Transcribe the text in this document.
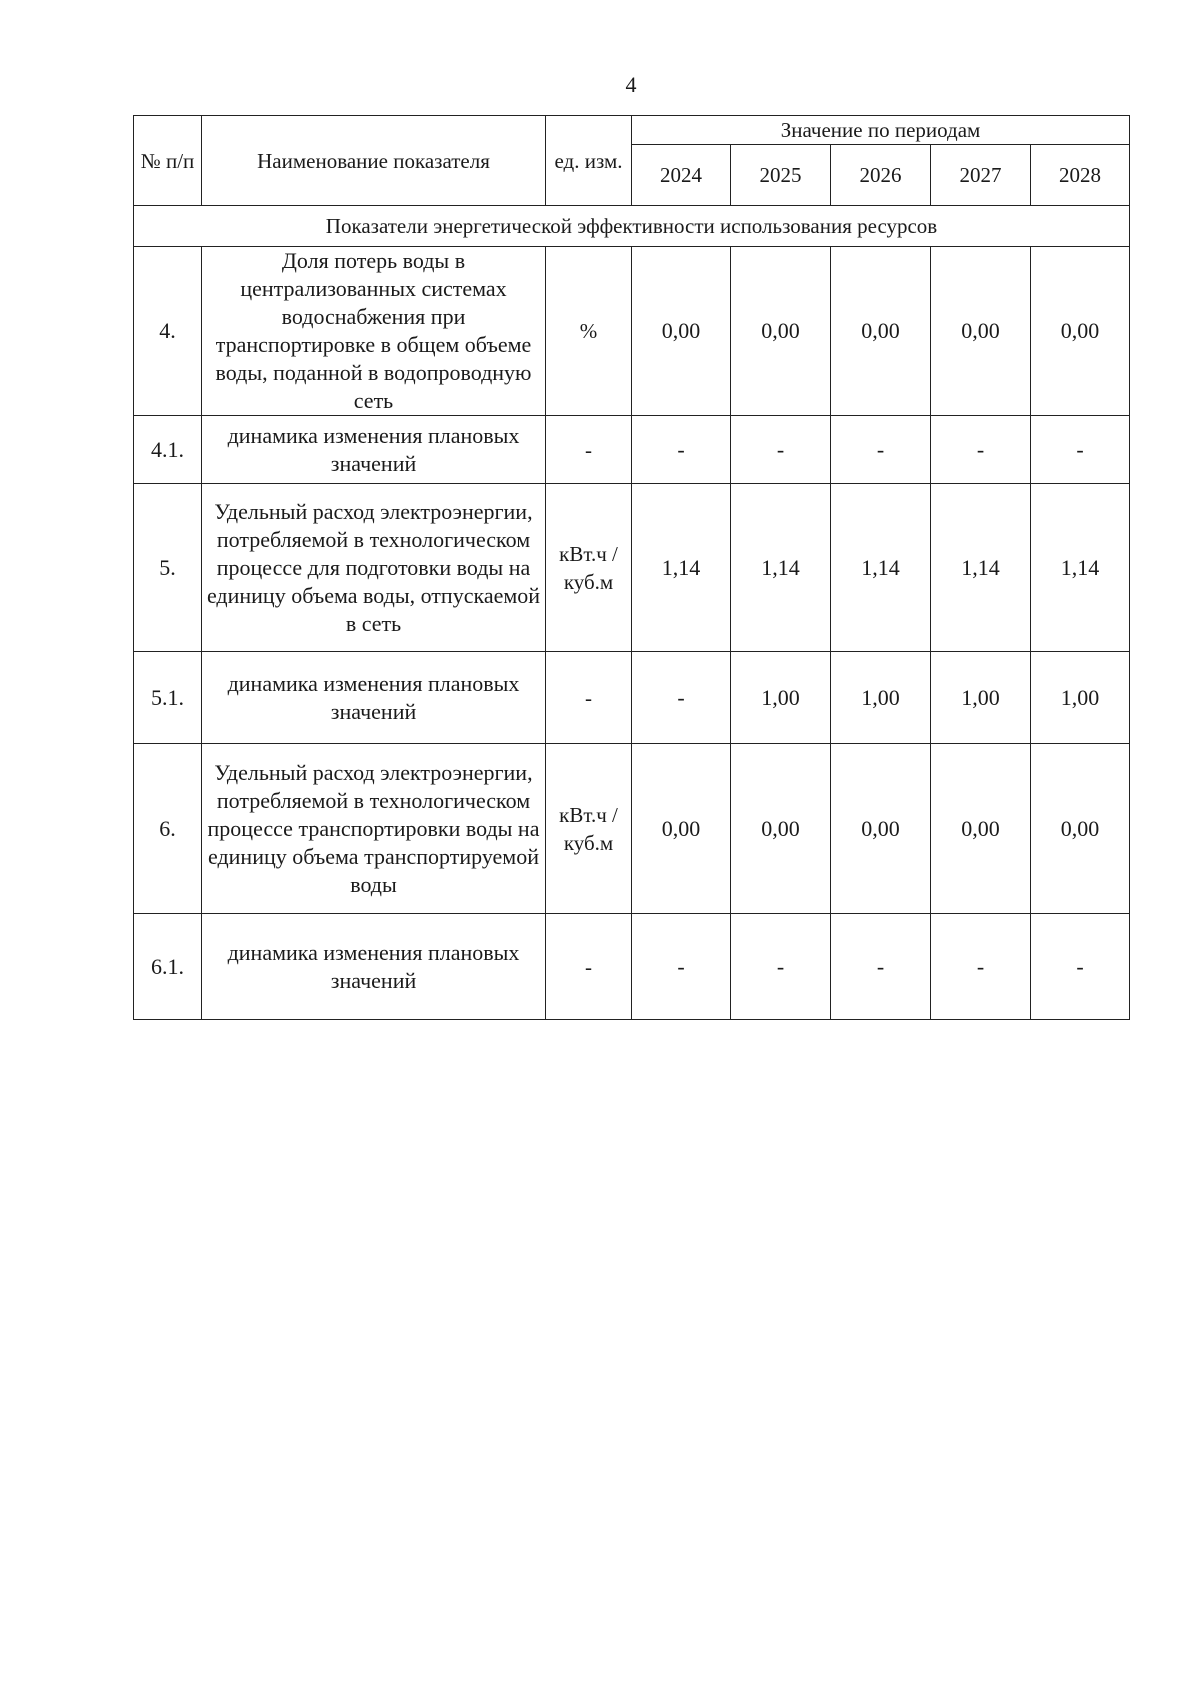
4
№ п/п	Наименование показателя	ед. изм.	Значение по периодам				
			2024	2025	2026	2027	2028
Показатели энергетической эффективности использования ресурсов							
4.	Доля потерь воды в централизованных системах водоснабжения при транспортировке в общем объеме воды, поданной в водопроводную сеть	%	0,00	0,00	0,00	0,00	0,00
4.1.	динамика изменения плановых значений	-	-	-	-	-	-
5.	Удельный расход электроэнергии, потребляемой в технологическом процессе для подготовки воды на единицу объема воды, отпускаемой в сеть	кВт.ч / куб.м	1,14	1,14	1,14	1,14	1,14
5.1.	динамика изменения плановых значений	-	-	1,00	1,00	1,00	1,00
6.	Удельный расход электроэнергии, потребляемой в технологическом процессе транспортировки воды на единицу объема транспортируемой воды	кВт.ч / куб.м	0,00	0,00	0,00	0,00	0,00
6.1.	динамика изменения плановых значений	-	-	-	-	-	-
